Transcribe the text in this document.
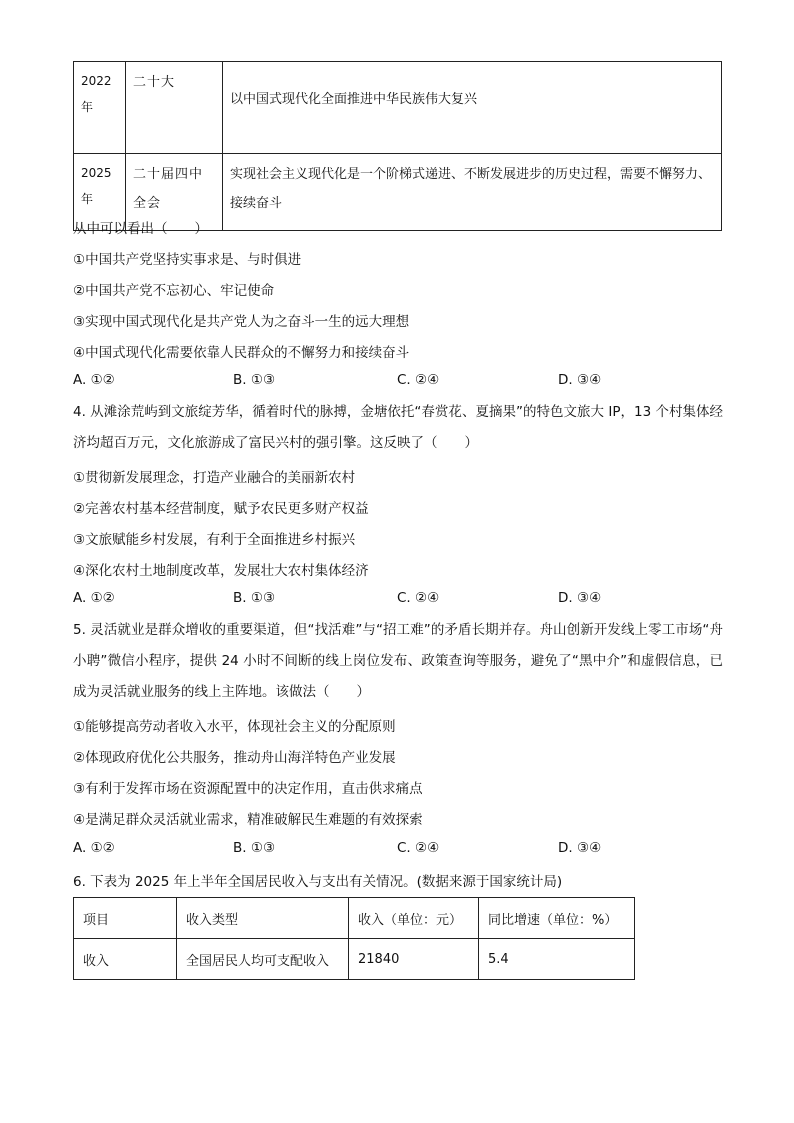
2022年	二十大	以中国式现代化全面推进中华民族伟大复兴
2025年	二十届四中全会	实现社会主义现代化是一个阶梯式递进、不断发展进步的历史过程，需要不懈努力、接续奋斗
从中可以看出（　　）
①中国共产党坚持实事求是、与时俱进
②中国共产党不忘初心、牢记使命
③实现中国式现代化是共产党人为之奋斗一生的远大理想
④中国式现代化需要依靠人民群众的不懈努力和接续奋斗
A. ①②	B. ①③	C. ②④	D. ③④
4. 从滩涂荒屿到文旅绽芳华，循着时代的脉搏，金塘依托“春赏花、夏摘果”的特色文旅大 IP，13 个村集体经济均超百万元，文化旅游成了富民兴村的强引擎。这反映了（　　）
①贯彻新发展理念，打造产业融合的美丽新农村
②完善农村基本经营制度，赋予农民更多财产权益
③文旅赋能乡村发展，有利于全面推进乡村振兴
④深化农村土地制度改革，发展壮大农村集体经济
A. ①②	B. ①③	C. ②④	D. ③④
5. 灵活就业是群众增收的重要渠道，但“找活难”与“招工难”的矛盾长期并存。舟山创新开发线上零工市场“舟小聘”微信小程序，提供 24 小时不间断的线上岗位发布、政策查询等服务，避免了“黑中介”和虚假信息，已成为灵活就业服务的线上主阵地。该做法（　　）
①能够提高劳动者收入水平，体现社会主义的分配原则
②体现政府优化公共服务，推动舟山海洋特色产业发展
③有利于发挥市场在资源配置中的决定作用，直击供求痛点
④是满足群众灵活就业需求，精准破解民生难题的有效探索
A. ①②	B. ①③	C. ②④	D. ③④
6. 下表为 2025 年上半年全国居民收入与支出有关情况。(数据来源于国家统计局)
项目	收入类型	收入（单位：元）	同比增速（单位：%）
收入	全国居民人均可支配收入	21840	5.4
